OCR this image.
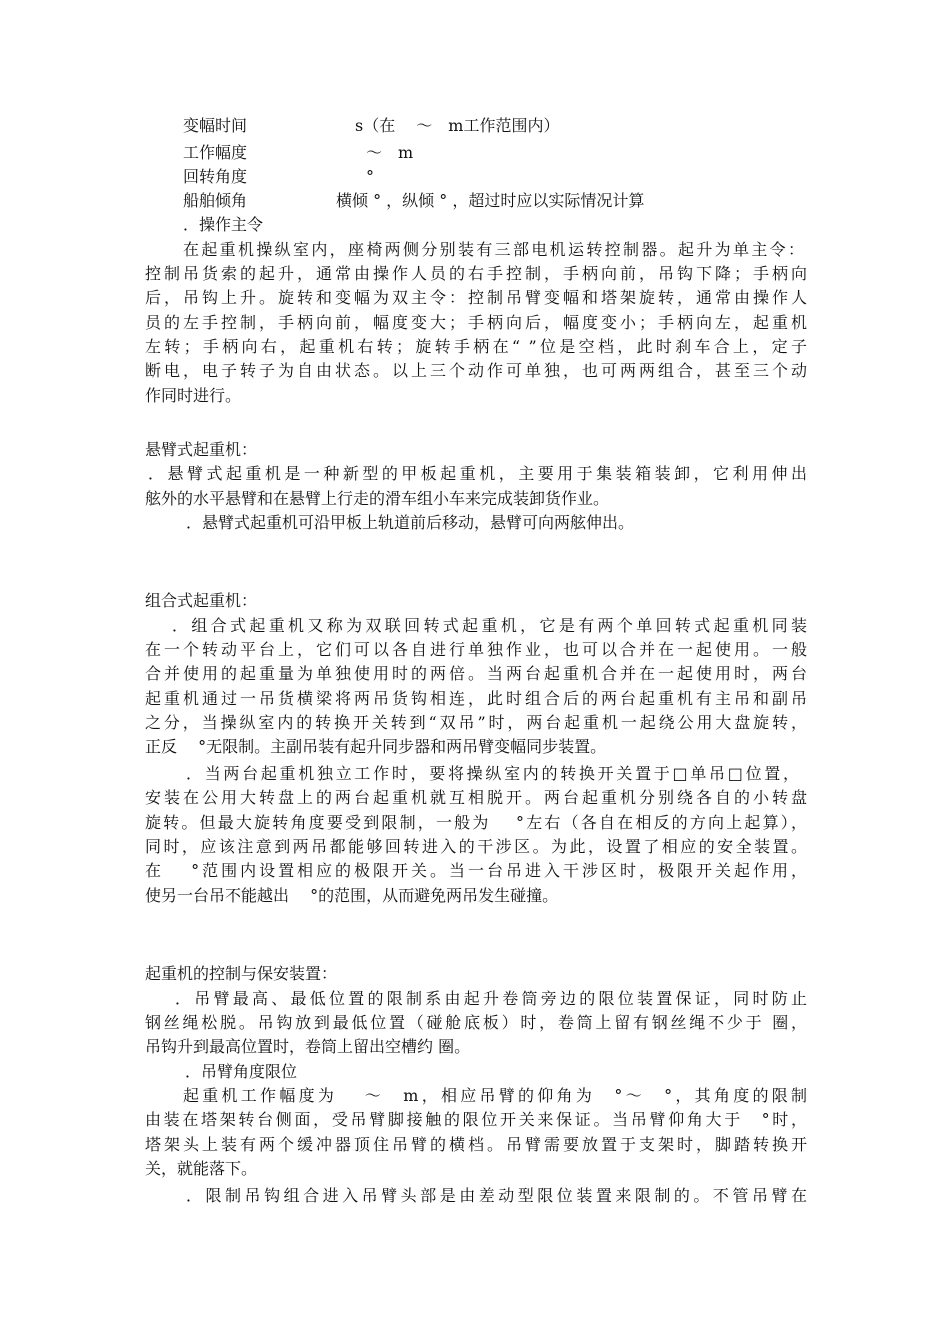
变幅时间	s（在　 ～　m工作范围内）
工作幅度	～　m
回转角度	°
船舶倾角	横倾 ° ，纵倾 ° ，超过时应以实际情况计算
．操作主令
在起重机操纵室内，座椅两侧分别装有三部电机运转控制器。起升为单主令：
控制吊货索的起升，通常由操作人员的右手控制，手柄向前，吊钩下降；手柄向
后，吊钩上升。旋转和变幅为双主令：控制吊臂变幅和塔架旋转，通常由操作人
员的左手控制，手柄向前，幅度变大；手柄向后，幅度变小；手柄向左，起重机
左转；手柄向右，起重机右转；旋转手柄在“ ”位是空档，此时刹车合上，定子
断电，电子转子为自由状态。以上三个动作可单独，也可两两组合，甚至三个动
作同时进行。
悬臂式起重机：
．悬臂式起重机是一种新型的甲板起重机，主要用于集装箱装卸，它利用伸出
舷外的水平悬臂和在悬臂上行走的滑车组小车来完成装卸货作业。
．悬臂式起重机可沿甲板上轨道前后移动，悬臂可向两舷伸出。
组合式起重机：
．组合式起重机又称为双联回转式起重机，它是有两个单回转式起重机同装
在一个转动平台上，它们可以各自进行单独作业，也可以合并在一起使用。一般
合并使用的起重量为单独使用时的两倍。当两台起重机合并在一起使用时，两台
起重机通过一吊货横梁将两吊货钩相连，此时组合后的两台起重机有主吊和副吊
之分，当操纵室内的转换开关转到“双吊”时，两台起重机一起绕公用大盘旋转，
正反　 °无限制。主副吊装有起升同步器和两吊臂变幅同步装置。
．当两台起重机独立工作时，要将操纵室内的转换开关置于□单吊□位置，
安装在公用大转盘上的两台起重机就互相脱开。两台起重机分别绕各自的小转盘
旋转。但最大旋转角度要受到限制，一般为　 °左右（各自在相反的方向上起算），
同时，应该注意到两吊都能够回转进入的干涉区。为此，设置了相应的安全装置。
在　 °范围内设置相应的极限开关。当一台吊进入干涉区时，极限开关起作用，
使另一台吊不能越出　 °的范围，从而避免两吊发生碰撞。
起重机的控制与保安装置：
．吊臂最高、最低位置的限制系由起升卷筒旁边的限位装置保证，同时防止
钢丝绳松脱。吊钩放到最低位置（碰舱底板）时，卷筒上留有钢丝绳不少于 圈，
吊钩升到最高位置时，卷筒上留出空槽约 圈。
．吊臂角度限位
起重机工作幅度为　 ～　m，相应吊臂的仰角为　°～　°，其角度的限制
由装在塔架转台侧面，受吊臂脚接触的限位开关来保证。当吊臂仰角大于　°时，
塔架头上装有两个缓冲器顶住吊臂的横档。吊臂需要放置于支架时，脚踏转换开
关，就能落下。
．限制吊钩组合进入吊臂头部是由差动型限位装置来限制的。不管吊臂在
